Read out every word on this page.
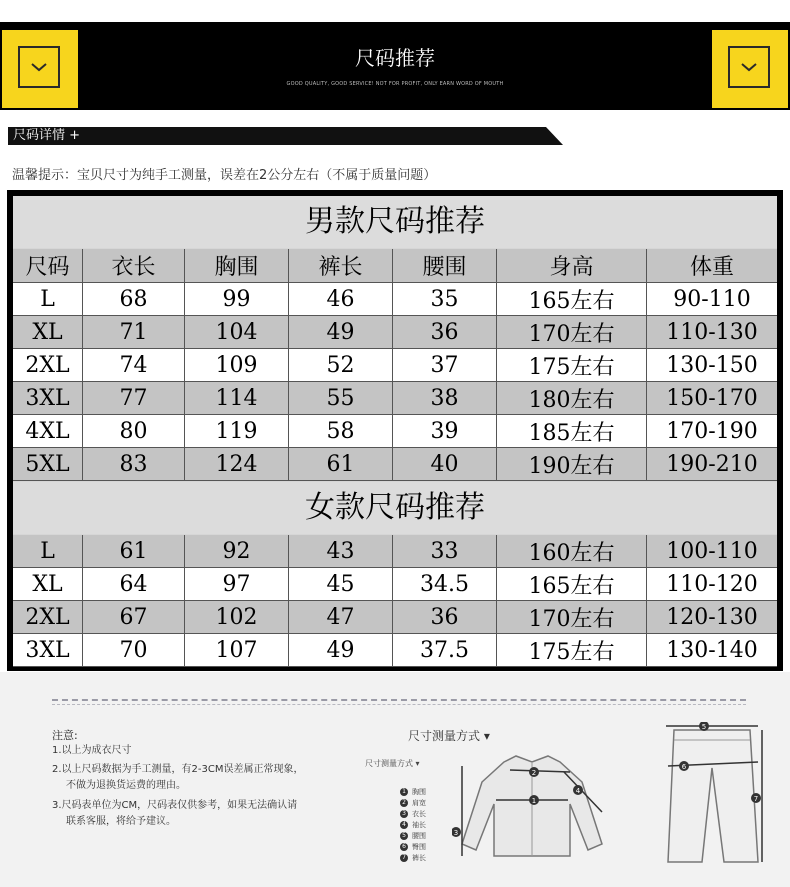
尺码推荐
GOOD QUALITY, GOOD SERVICE! NOT FOR PROFIT, ONLY EARN WORD OF MOUTH
尺码详情 +
温馨提示：宝贝尺寸为纯手工测量，误差在2公分左右（不属于质量问题）
男款尺码推荐
尺码	衣长	胸围	裤长	腰围	身高	体重
L	68	99	46	35	165左右	90-110
XL	71	104	49	36	170左右	110-130
2XL	74	109	52	37	175左右	130-150
3XL	77	114	55	38	180左右	150-170
4XL	80	119	58	39	185左右	170-190
5XL	83	124	61	40	190左右	190-210
女款尺码推荐
L	61	92	43	33	160左右	100-110
XL	64	97	45	34.5	165左右	110-120
2XL	67	102	47	36	170左右	120-130
3XL	70	107	49	37.5	175左右	130-140
注意:
1.以上为成衣尺寸
2.以上尺码数据为手工测量，有2-3CM误差属正常现象，
不做为退换货运费的理由。
3.尺码表单位为CM，尺码表仅供参考，如果无法确认请
联系客服，将给予建议。
尺寸测量方式 ▾
尺寸测量方式 ▾
2
4
1
3
1 胸围
2 肩宽
3 衣长
4 袖长
5 腰围
6 臀围
7 裤长
5
6
7
